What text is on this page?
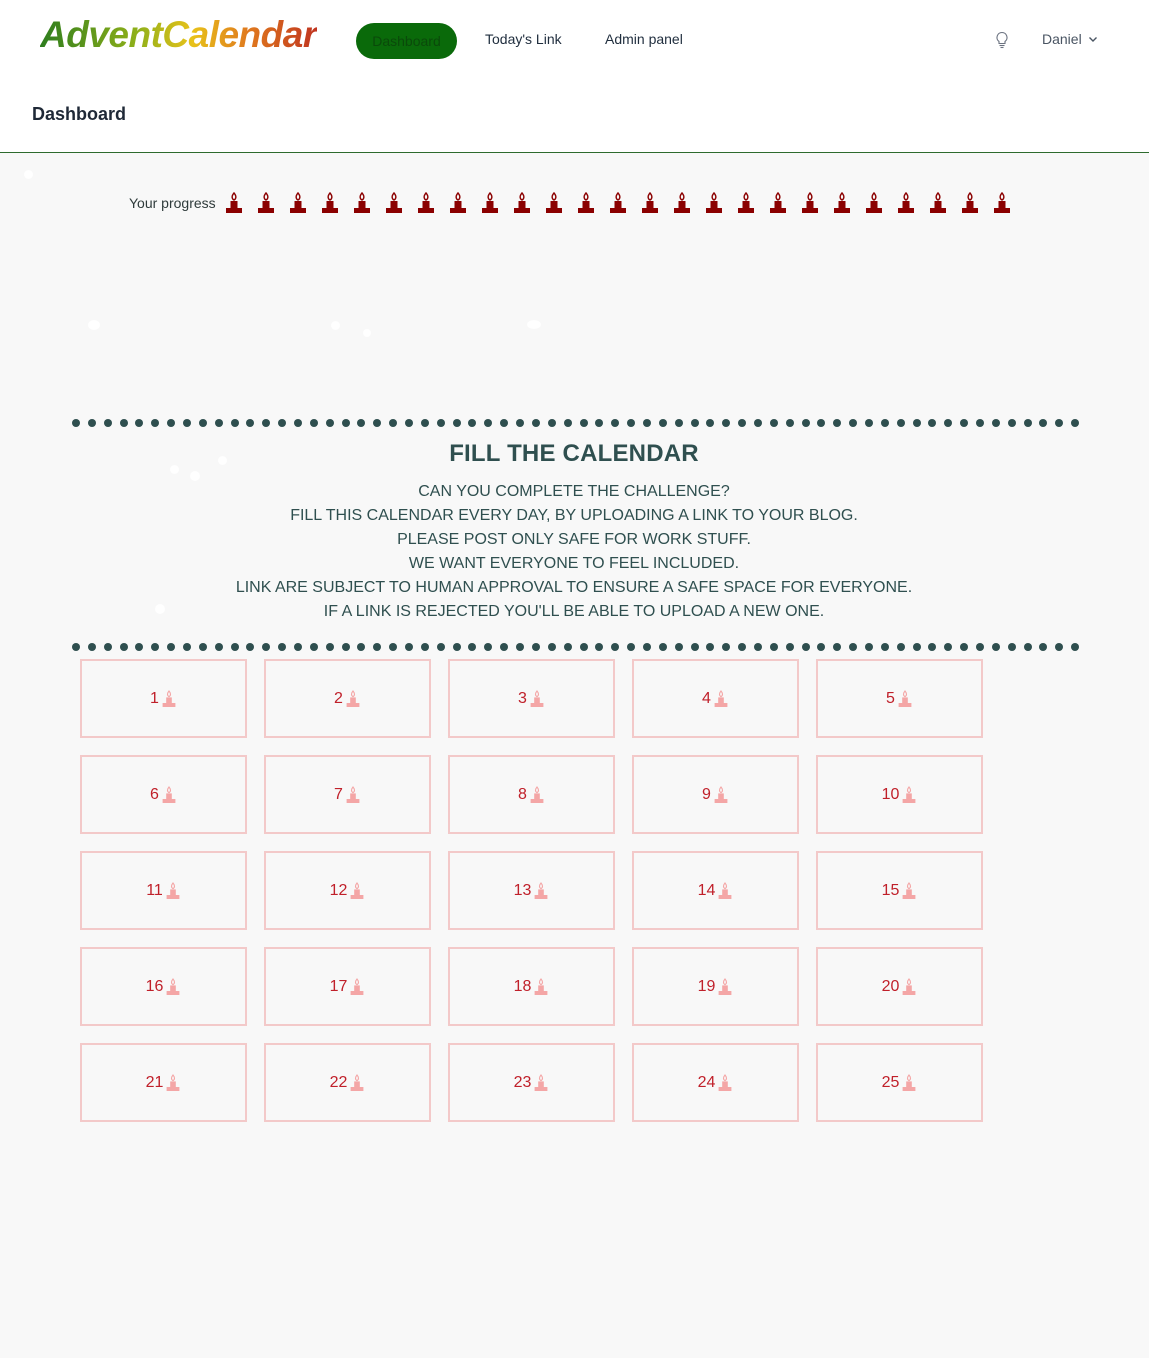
AdventCalendar	Dashboard	Today's Link	Admin panel	Daniel
Dashboard
Your progress
FILL THE CALENDAR

CAN YOU COMPLETE THE CHALLENGE?

FILL THIS CALENDAR EVERY DAY, BY UPLOADING A LINK TO YOUR BLOG.

PLEASE POST ONLY SAFE FOR WORK STUFF.

WE WANT EVERYONE TO FEEL INCLUDED.

LINK ARE SUBJECT TO HUMAN APPROVAL TO ENSURE A SAFE SPACE FOR EVERYONE.

IF A LINK IS REJECTED YOU'LL BE ABLE TO UPLOAD A NEW ONE.

1	2	3	4	5
6	7	8	9	10
11	12	13	14	15
16	17	18	19	20
21	22	23	24	25
